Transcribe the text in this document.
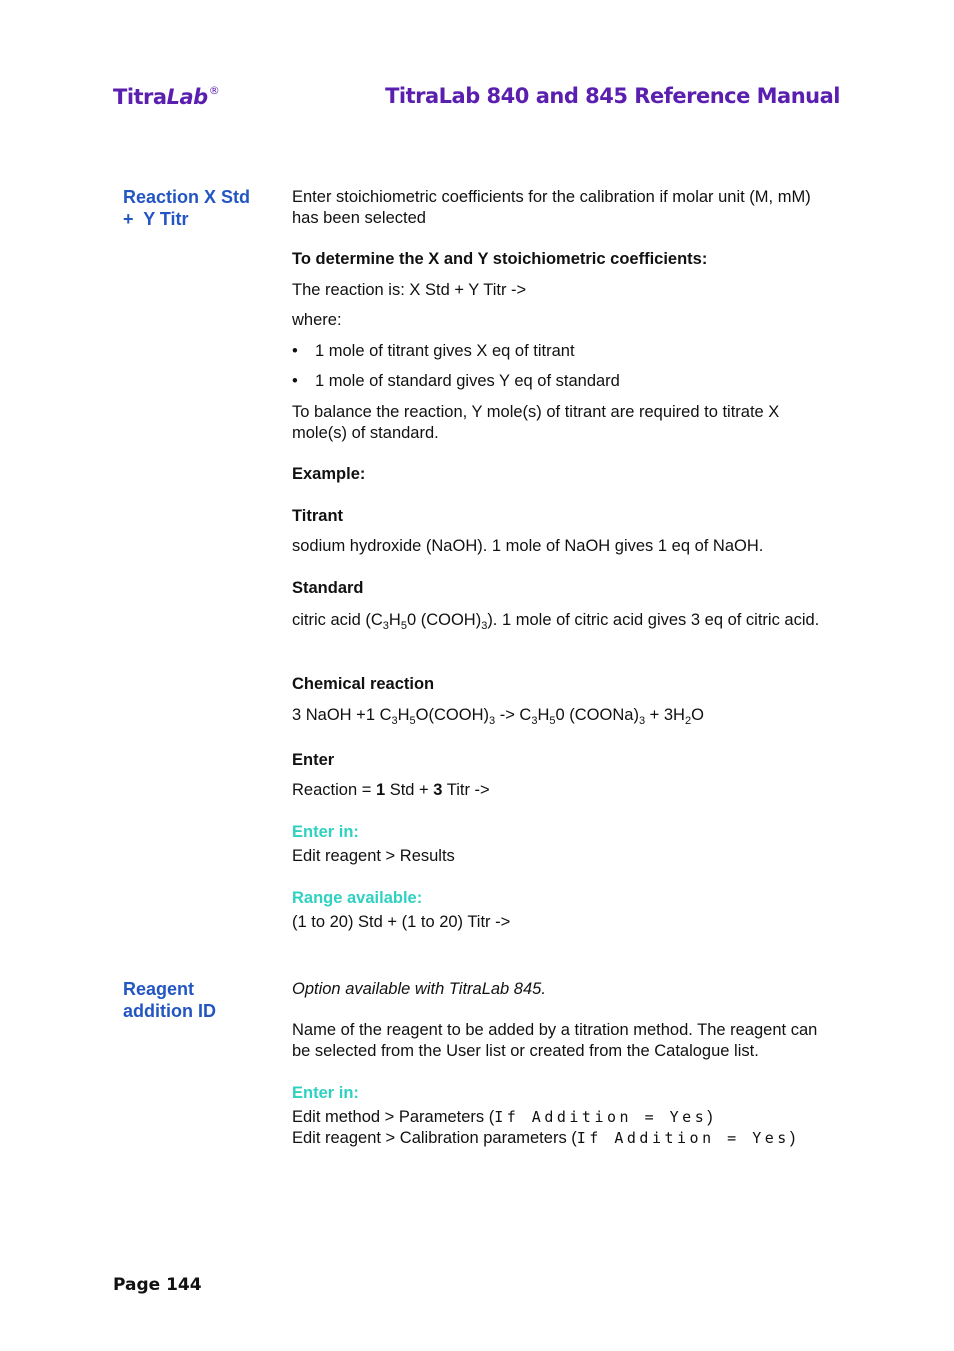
TitraLab®	TitraLab 840 and 845 Reference Manual
Reaction X Std
+  Y Titr
Enter stoichiometric coefficients for the calibration if molar unit (M, mM) has been selected
To determine the X and Y stoichiometric coefficients:
The reaction is: X Std + Y Titr ->
where:
• 1 mole of titrant gives X eq of titrant
• 1 mole of standard gives Y eq of standard
To balance the reaction, Y mole(s) of titrant are required to titrate X mole(s) of standard.
Example:
Titrant
sodium hydroxide (NaOH). 1 mole of NaOH gives 1 eq of NaOH.
Standard
citric acid ($C_3H_50$ $(COOH)_3$). 1 mole of citric acid gives 3 eq of citric acid.
Chemical reaction
3 NaOH +1 $C_3H_5O(COOH)_3 -> C_3H_50$ $(COONa)_3 + 3H_2O$
Enter
Reaction = 1 Std + 3 Titr ->
Enter in:
Edit reagent > Results
Range available:
(1 to 20) Std + (1 to 20) Titr ->
Reagent
addition ID
Option available with TitraLab 845.
Name of the reagent to be added by a titration method. The reagent can be selected from the User list or created from the Catalogue list.
Enter in:
Edit method > Parameters (If Addition = Yes)
Edit reagent > Calibration parameters (If Addition = Yes)
Page 144
